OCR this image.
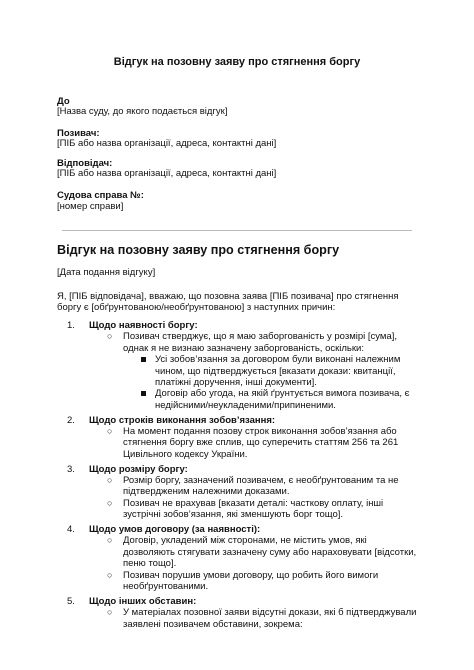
Відгук на позовну заяву про стягнення боргу
До
[Назва суду, до якого подається відгук]
Позивач:
[ПІБ або назва організації, адреса, контактні дані]
Відповідач:
[ПІБ або назва організації, адреса, контактні дані]
Судова справа №:
[номер справи]
Відгук на позовну заяву про стягнення боргу
[Дата подання відгуку]
Я, [ПІБ відповідача], вважаю, що позовна заява [ПІБ позивача] про стягнення боргу є [обґрунтованою/необґрунтованою] з наступних причин:
1.	Щодо наявності боргу:
○ Позивач стверджує, що я маю заборгованість у розмірі [сума], однак я не визнаю зазначену заборгованість, оскільки:
Усі зобов’язання за договором були виконані належним чином, що підтверджується [вказати докази: квитанції, платіжні доручення, інші документи].
Договір або угода, на якій ґрунтується вимога позивача, є недійсними/неукладеними/припиненими.
2.	Щодо строків виконання зобов’язання:
○ На момент подання позову строк виконання зобов’язання або стягнення боргу вже сплив, що суперечить статтям 256 та 261 Цивільного кодексу України.
3.	Щодо розміру боргу:
○ Розмір боргу, зазначений позивачем, є необґрунтованим та не підтвердженим належними доказами.
○ Позивач не врахував [вказати деталі: часткову оплату, інші зустрічні зобов’язання, які зменшують борг тощо].
4.	Щодо умов договору (за наявності):
○ Договір, укладений між сторонами, не містить умов, які дозволяють стягувати зазначену суму або нараховувати [відсотки, пеню тощо].
○ Позивач порушив умови договору, що робить його вимоги необґрунтованими.
5.	Щодо інших обставин:
○ У матеріалах позовної заяви відсутні докази, які б підтверджували заявлені позивачем обставини, зокрема:
